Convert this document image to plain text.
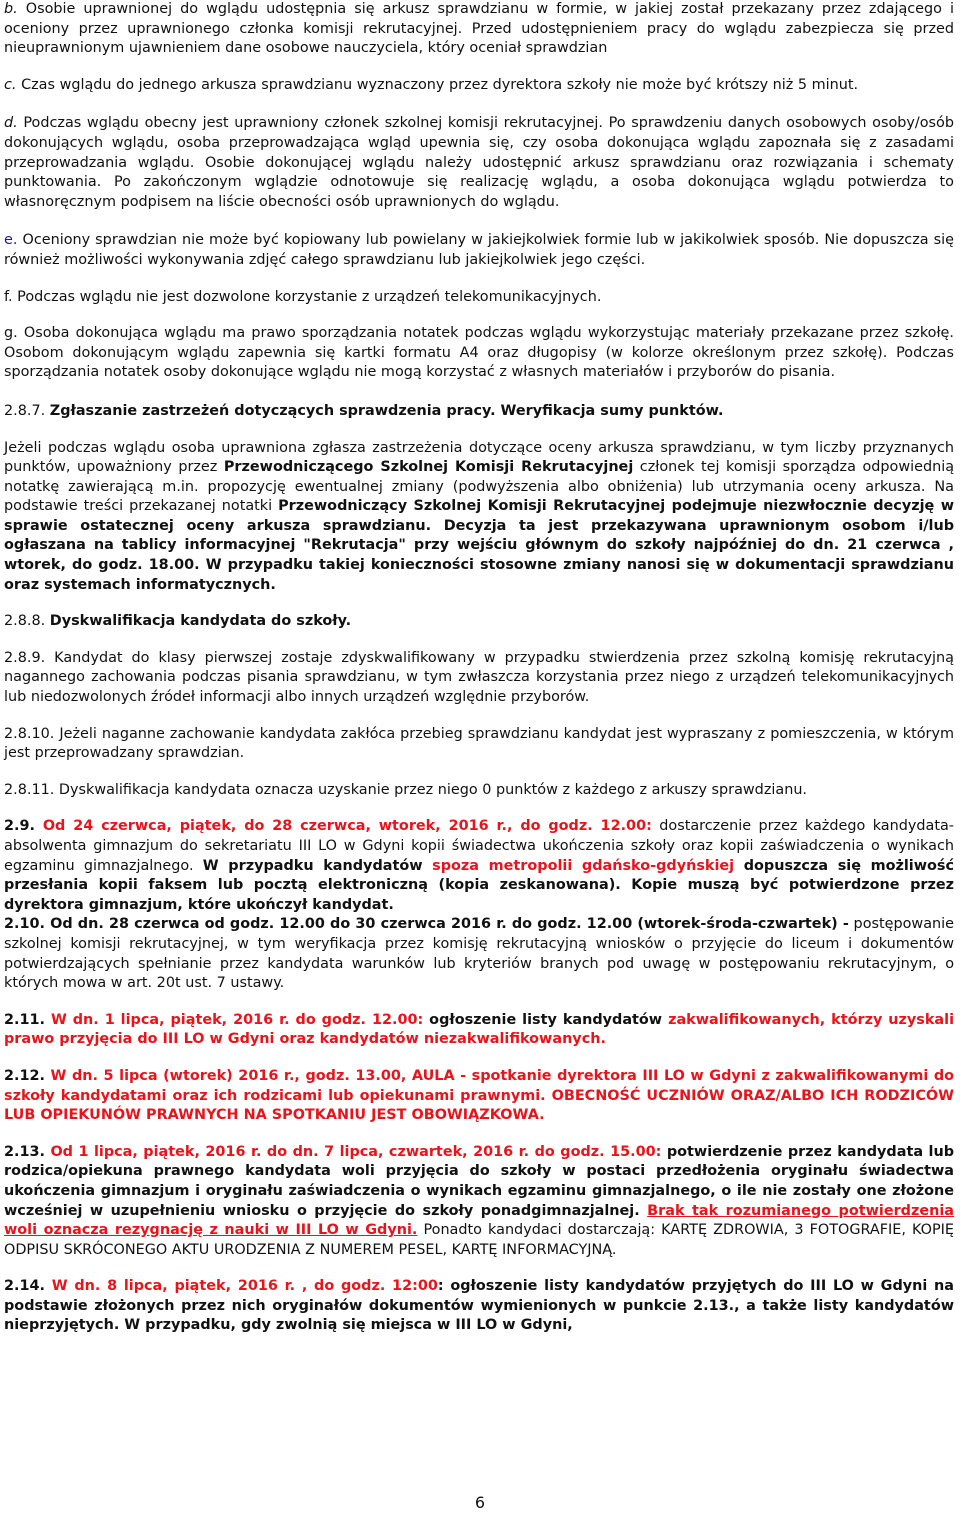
b. Osobie uprawnionej do wglądu udostępnia się arkusz sprawdzianu w formie, w jakiej został przekazany przez zdającego i oceniony przez uprawnionego członka komisji rekrutacyjnej. Przed udostępnieniem pracy do wglądu zabezpiecza się przed nieuprawnionym ujawnieniem dane osobowe nauczyciela, który oceniał sprawdzian

c. Czas wglądu do jednego arkusza sprawdzianu wyznaczony przez dyrektora szkoły nie może być krótszy niż 5 minut.

d. Podczas wglądu obecny jest uprawniony członek szkolnej komisji rekrutacyjnej. Po sprawdzeniu danych osobowych osoby/osób dokonujących wglądu, osoba przeprowadzająca wgląd upewnia się, czy osoba dokonująca wglądu zapoznała się z zasadami przeprowadzania wglądu. Osobie dokonującej wglądu należy udostępnić arkusz sprawdzianu oraz rozwiązania i schematy punktowania. Po zakończonym wglądzie odnotowuje się realizację wglądu, a osoba dokonująca wglądu potwierdza to własnoręcznym podpisem na liście obecności osób uprawnionych do wglądu.

e. Oceniony sprawdzian nie może być kopiowany lub powielany w jakiejkolwiek formie lub w jakikolwiek sposób. Nie dopuszcza się również możliwości wykonywania zdjęć całego sprawdzianu lub jakiejkolwiek jego części.

f. Podczas wglądu nie jest dozwolone korzystanie z urządzeń telekomunikacyjnych.

g. Osoba dokonująca wglądu ma prawo sporządzania notatek podczas wglądu wykorzystując materiały przekazane przez szkołę. Osobom dokonującym wglądu zapewnia się kartki formatu A4 oraz długopisy (w kolorze określonym przez szkołę). Podczas sporządzania notatek osoby dokonujące wglądu nie mogą korzystać z własnych materiałów i przyborów do pisania.

2.8.7. Zgłaszanie zastrzeżeń dotyczących sprawdzenia pracy. Weryfikacja sumy punktów.

Jeżeli podczas wglądu osoba uprawniona zgłasza zastrzeżenia dotyczące oceny arkusza sprawdzianu, w tym liczby przyznanych punktów, upoważniony przez Przewodniczącego Szkolnej Komisji Rekrutacyjnej członek tej komisji sporządza odpowiednią notatkę zawierającą m.in. propozycję ewentualnej zmiany (podwyższenia albo obniżenia) lub utrzymania oceny arkusza. Na podstawie treści przekazanej notatki Przewodniczący Szkolnej Komisji Rekrutacyjnej podejmuje niezwłocznie decyzję w sprawie ostatecznej oceny arkusza sprawdzianu. Decyzja ta jest przekazywana uprawnionym osobom i/lub ogłaszana na tablicy informacyjnej "Rekrutacja" przy wejściu głównym do szkoły najpóźniej do dn. 21 czerwca , wtorek, do godz. 18.00. W przypadku takiej konieczności stosowne zmiany nanosi się w dokumentacji sprawdzianu oraz systemach informatycznych.

2.8.8. Dyskwalifikacja kandydata do szkoły.

2.8.9. Kandydat do klasy pierwszej zostaje zdyskwalifikowany w przypadku stwierdzenia przez szkolną komisję rekrutacyjną nagannego zachowania podczas pisania sprawdzianu, w tym zwłaszcza korzystania przez niego z urządzeń telekomunikacyjnych lub niedozwolonych źródeł informacji albo innych urządzeń względnie przyborów.

2.8.10. Jeżeli naganne zachowanie kandydata zakłóca przebieg sprawdzianu kandydat jest wypraszany z pomieszczenia, w którym jest przeprowadzany sprawdzian.

2.8.11. Dyskwalifikacja kandydata oznacza uzyskanie przez niego 0 punktów z każdego z arkuszy sprawdzianu.

2.9. Od 24 czerwca, piątek, do 28 czerwca, wtorek, 2016 r., do godz. 12.00: dostarczenie przez każdego kandydata-absolwenta gimnazjum do sekretariatu III LO w Gdyni kopii świadectwa ukończenia szkoły oraz kopii zaświadczenia o wynikach egzaminu gimnazjalnego. W przypadku kandydatów spoza metropolii gdańsko-gdyńskiej dopuszcza się możliwość przesłania kopii faksem lub pocztą elektroniczną (kopia zeskanowana). Kopie muszą być potwierdzone przez dyrektora gimnazjum, które ukończył kandydat.

2.10. Od dn. 28 czerwca od godz. 12.00 do 30 czerwca 2016 r. do godz. 12.00 (wtorek-środa-czwartek) - postępowanie szkolnej komisji rekrutacyjnej, w tym weryfikacja przez komisję rekrutacyjną wniosków o przyjęcie do liceum i dokumentów potwierdzających spełnianie przez kandydata warunków lub kryteriów branych pod uwagę w postępowaniu rekrutacyjnym, o których mowa w art. 20t ust. 7 ustawy.

2.11. W dn. 1 lipca, piątek, 2016 r. do godz. 12.00: ogłoszenie listy kandydatów zakwalifikowanych, którzy uzyskali prawo przyjęcia do III LO w Gdyni oraz kandydatów niezakwalifikowanych.

2.12. W dn. 5 lipca (wtorek) 2016 r., godz. 13.00, AULA - spotkanie dyrektora III LO w Gdyni z zakwalifikowanymi do szkoły kandydatami oraz ich rodzicami lub opiekunami prawnymi. OBECNOŚĆ UCZNIÓW ORAZ/ALBO ICH RODZICÓW LUB OPIEKUNÓW PRAWNYCH NA SPOTKANIU JEST OBOWIĄZKOWA.

2.13. Od 1 lipca, piątek, 2016 r. do dn. 7 lipca, czwartek, 2016 r. do godz. 15.00: potwierdzenie przez kandydata lub rodzica/opiekuna prawnego kandydata woli przyjęcia do szkoły w postaci przedłożenia oryginału świadectwa ukończenia gimnazjum i oryginału zaświadczenia o wynikach egzaminu gimnazjalnego, o ile nie zostały one złożone wcześniej w uzupełnieniu wniosku o przyjęcie do szkoły ponadgimnazjalnej. Brak tak rozumianego potwierdzenia woli oznacza rezygnację z nauki w III LO w Gdyni. Ponadto kandydaci dostarczają: KARTĘ ZDROWIA, 3 FOTOGRAFIE, KOPIĘ ODPISU SKRÓCONEGO AKTU URODZENIA Z NUMEREM PESEL, KARTĘ INFORMACYJNĄ.

2.14. W dn. 8 lipca, piątek, 2016 r. , do godz. 12:00: ogłoszenie listy kandydatów przyjętych do III LO w Gdyni na podstawie złożonych przez nich oryginałów dokumentów wymienionych w punkcie 2.13., a także listy kandydatów nieprzyjętych. W przypadku, gdy zwolnią się miejsca w III LO w Gdyni,

6
